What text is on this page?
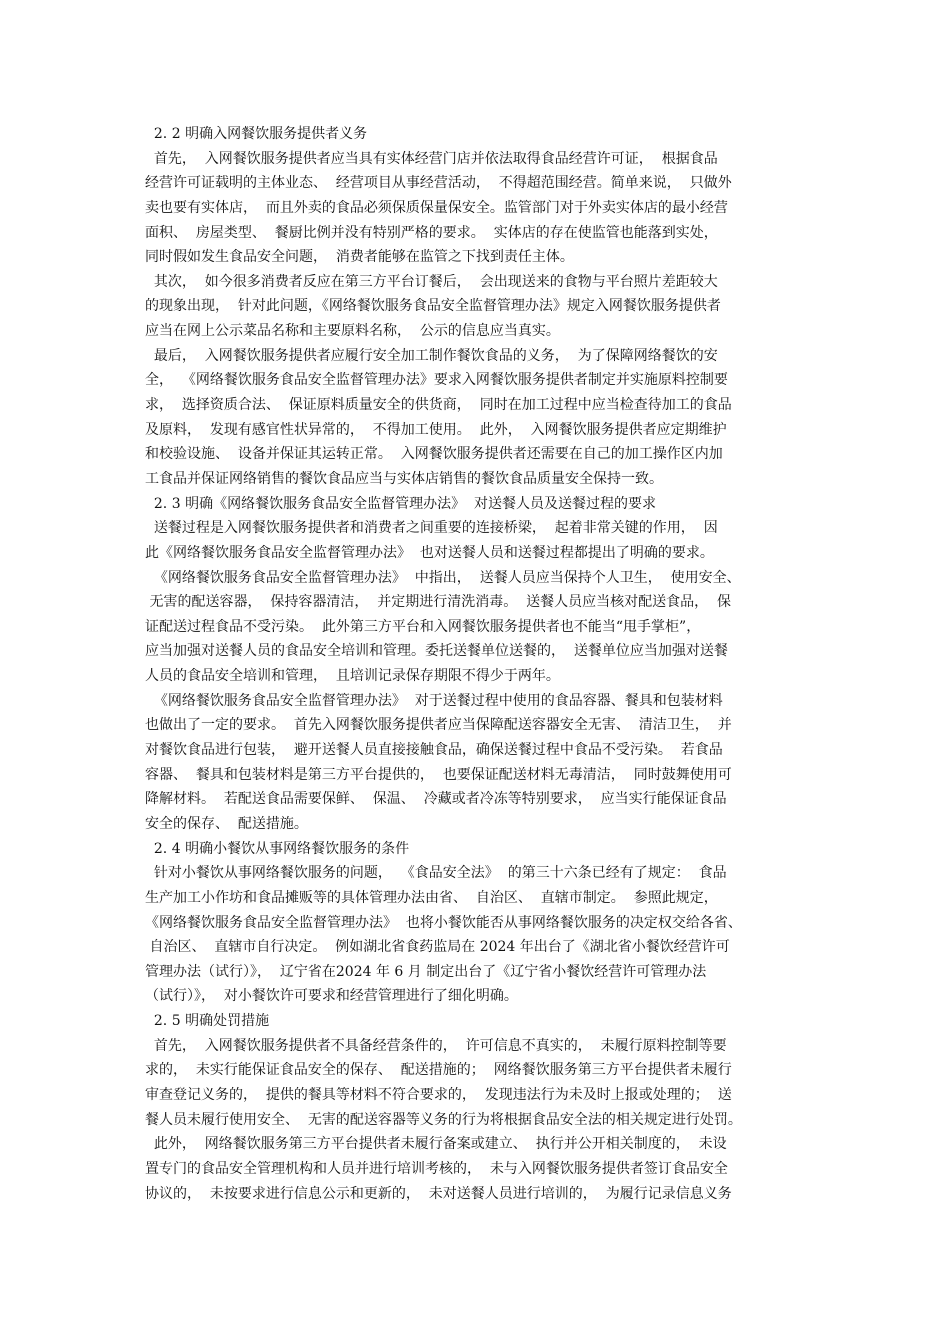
2. 2 明确入网餐饮服务提供者义务
首先，  入网餐饮服务提供者应当具有实体经营门店并依法取得食品经营许可证，  根据食品
经营许可证载明的主体业态、  经营项目从事经营活动，  不得超范围经营。简单来说，  只做外
卖也要有实体店，  而且外卖的食品必须保质保量保安全。监管部门对于外卖实体店的最小经营
面积、  房屋类型、  餐厨比例并没有特别严格的要求。  实体店的存在使监管也能落到实处，
同时假如发生食品安全问题，  消费者能够在监管之下找到责任主体。
其次，  如今很多消费者反应在第三方平台订餐后，  会出现送来的食物与平台照片差距较大
的现象出现，  针对此问题，《网络餐饮服务食品安全监督管理办法》规定入网餐饮服务提供者
应当在网上公示菜品名称和主要原料名称，  公示的信息应当真实。
最后，  入网餐饮服务提供者应履行安全加工制作餐饮食品的义务，  为了保障网络餐饮的安
全，  《网络餐饮服务食品安全监督管理办法》要求入网餐饮服务提供者制定并实施原料控制要
求，  选择资质合法、  保证原料质量安全的供货商，  同时在加工过程中应当检查待加工的食品
及原料，  发现有感官性状异常的，  不得加工使用。  此外，  入网餐饮服务提供者应定期维护
和校验设施、  设备并保证其运转正常。  入网餐饮服务提供者还需要在自己的加工操作区内加
工食品并保证网络销售的餐饮食品应当与实体店销售的餐饮食品质量安全保持一致。
2. 3 明确《网络餐饮服务食品安全监督管理办法》  对送餐人员及送餐过程的要求
送餐过程是入网餐饮服务提供者和消费者之间重要的连接桥梁，  起着非常关键的作用，  因
此《网络餐饮服务食品安全监督管理办法》  也对送餐人员和送餐过程都提出了明确的要求。
《网络餐饮服务食品安全监督管理办法》  中指出，  送餐人员应当保持个人卫生，  使用安全、
无害的配送容器，  保持容器清洁，  并定期进行清洗消毒。  送餐人员应当核对配送食品，  保
证配送过程食品不受污染。  此外第三方平台和入网餐饮服务提供者也不能当“甩手掌柜”，
应当加强对送餐人员的食品安全培训和管理。委托送餐单位送餐的，  送餐单位应当加强对送餐
人员的食品安全培训和管理，  且培训记录保存期限不得少于两年。
《网络餐饮服务食品安全监督管理办法》  对于送餐过程中使用的食品容器、餐具和包装材料
也做出了一定的要求。  首先入网餐饮服务提供者应当保障配送容器安全无害、  清洁卫生，  并
对餐饮食品进行包装，  避开送餐人员直接接触食品，确保送餐过程中食品不受污染。  若食品
容器、  餐具和包装材料是第三方平台提供的，  也要保证配送材料无毒清洁，  同时鼓舞使用可
降解材料。  若配送食品需要保鲜、  保温、  冷藏或者冷冻等特别要求，  应当实行能保证食品
安全的保存、  配送措施。
2. 4 明确小餐饮从事网络餐饮服务的条件
针对小餐饮从事网络餐饮服务的问题，  《食品安全法》  的第三十六条已经有了规定：  食品
生产加工小作坊和食品摊贩等的具体管理办法由省、  自治区、  直辖市制定。  参照此规定，
《网络餐饮服务食品安全监督管理办法》  也将小餐饮能否从事网络餐饮服务的决定权交给各省、
自治区、  直辖市自行决定。  例如湖北省食药监局在 2024 年出台了《湖北省小餐饮经营许可
管理办法（试行）》，  辽宁省在2024 年 6 月 制定出台了《辽宁省小餐饮经营许可管理办法
（试行）》，  对小餐饮许可要求和经营管理进行了细化明确。
2. 5 明确处罚措施
首先，  入网餐饮服务提供者不具备经营条件的，  许可信息不真实的，  未履行原料控制等要
求的，  未实行能保证食品安全的保存、  配送措施的；  网络餐饮服务第三方平台提供者未履行
审查登记义务的，  提供的餐具等材料不符合要求的，  发现违法行为未及时上报或处理的；  送
餐人员未履行使用安全、  无害的配送容器等义务的行为将根据食品安全法的相关规定进行处罚。
此外，  网络餐饮服务第三方平台提供者未履行备案或建立、  执行并公开相关制度的，  未设
置专门的食品安全管理机构和人员并进行培训考核的，  未与入网餐饮服务提供者签订食品安全
协议的，  未按要求进行信息公示和更新的，  未对送餐人员进行培训的，  为履行记录信息义务
